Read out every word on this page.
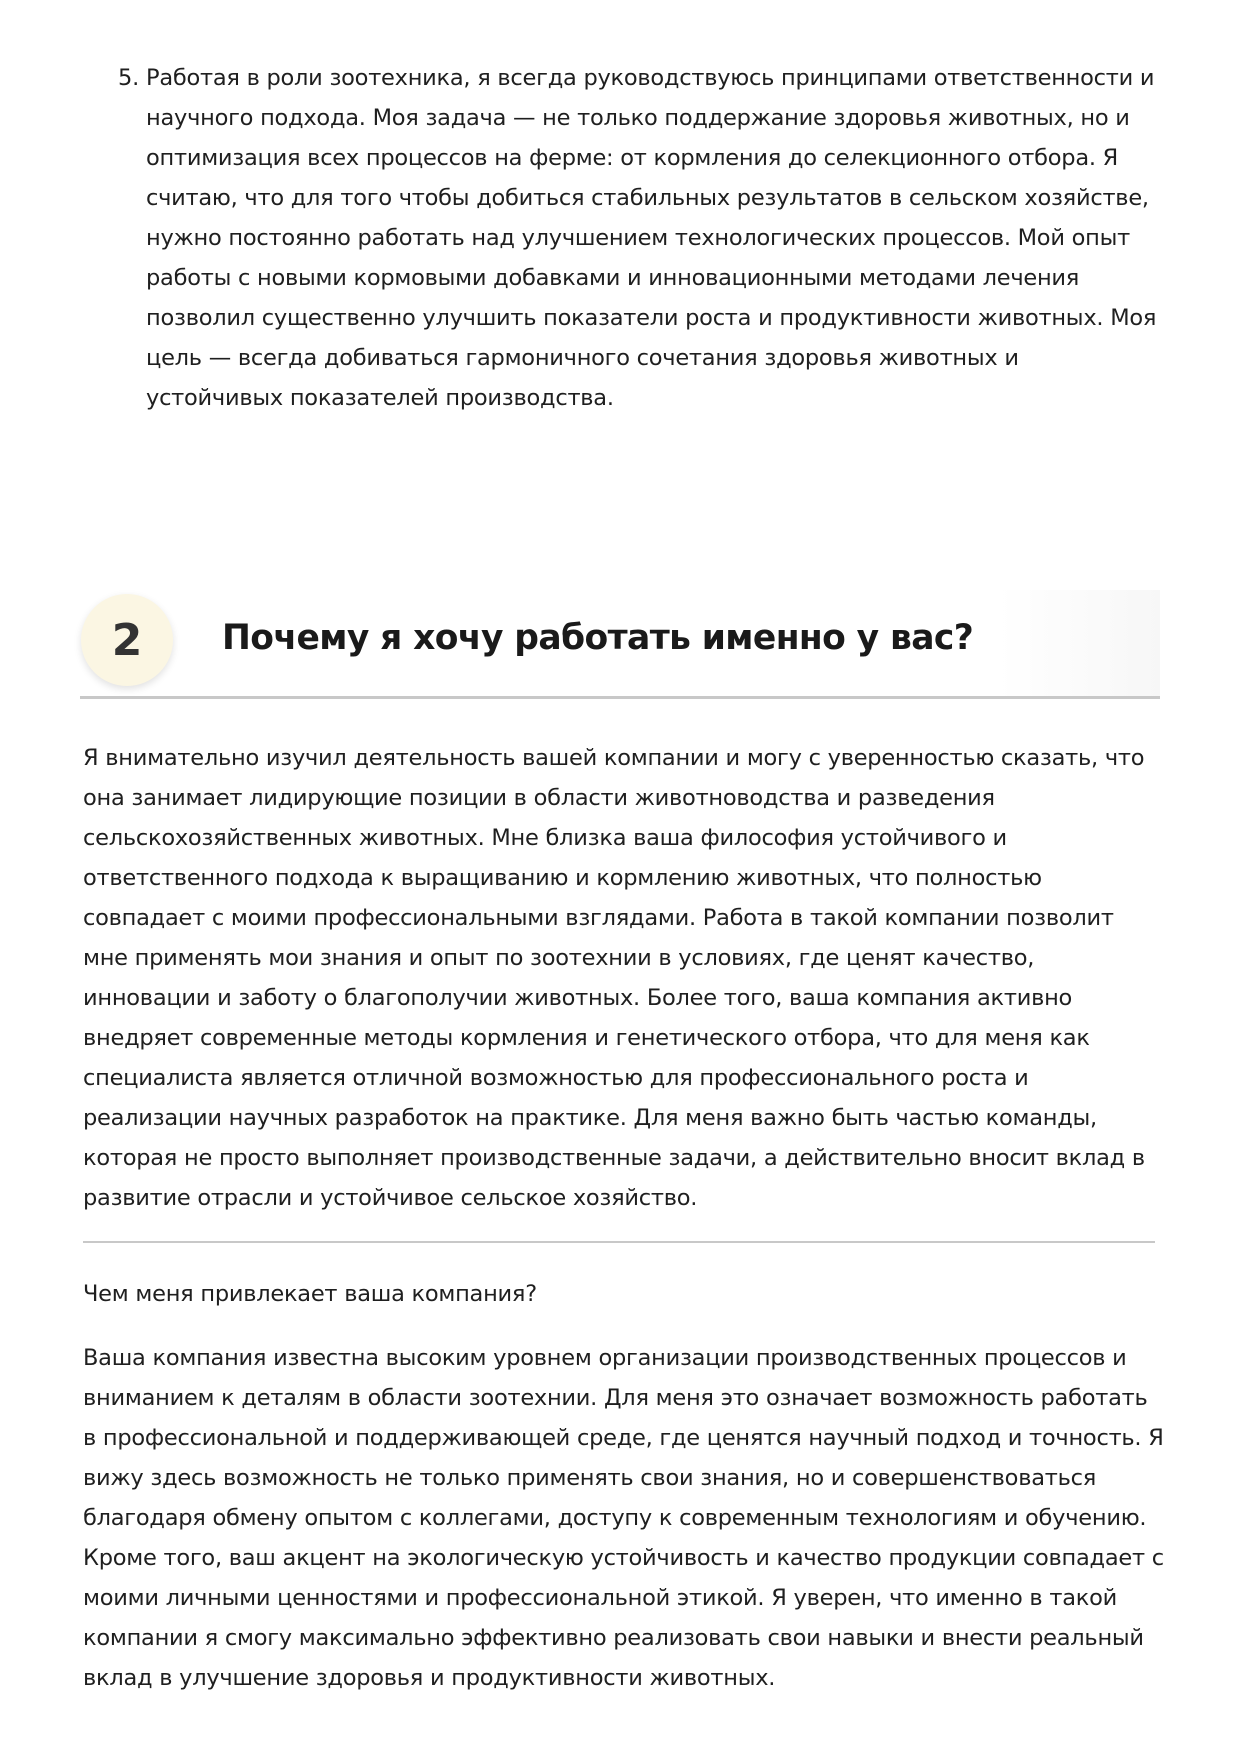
5. Работая в роли зоотехника, я всегда руководствуюсь принципами ответственности и научного подхода. Моя задача — не только поддержание здоровья животных, но и оптимизация всех процессов на ферме: от кормления до селекционного отбора. Я считаю, что для того чтобы добиться стабильных результатов в сельском хозяйстве, нужно постоянно работать над улучшением технологических процессов. Мой опыт работы с новыми кормовыми добавками и инновационными методами лечения позволил существенно улучшить показатели роста и продуктивности животных. Моя цель — всегда добиваться гармоничного сочетания здоровья животных и устойчивых показателей производства.
2	Почему я хочу работать именно у вас?

Я внимательно изучил деятельность вашей компании и могу с уверенностью сказать, что она занимает лидирующие позиции в области животноводства и разведения сельскохозяйственных животных. Мне близка ваша философия устойчивого и ответственного подхода к выращиванию и кормлению животных, что полностью совпадает с моими профессиональными взглядами. Работа в такой компании позволит мне применять мои знания и опыт по зоотехнии в условиях, где ценят качество, инновации и заботу о благополучии животных. Более того, ваша компания активно внедряет современные методы кормления и генетического отбора, что для меня как специалиста является отличной возможностью для профессионального роста и реализации научных разработок на практике. Для меня важно быть частью команды, которая не просто выполняет производственные задачи, а действительно вносит вклад в развитие отрасли и устойчивое сельское хозяйство.

Чем меня привлекает ваша компания?

Ваша компания известна высоким уровнем организации производственных процессов и вниманием к деталям в области зоотехнии. Для меня это означает возможность работать в профессиональной и поддерживающей среде, где ценятся научный подход и точность. Я вижу здесь возможность не только применять свои знания, но и совершенствоваться благодаря обмену опытом с коллегами, доступу к современным технологиям и обучению. Кроме того, ваш акцент на экологическую устойчивость и качество продукции совпадает с моими личными ценностями и профессиональной этикой. Я уверен, что именно в такой компании я смогу максимально эффективно реализовать свои навыки и внести реальный вклад в улучшение здоровья и продуктивности животных.
